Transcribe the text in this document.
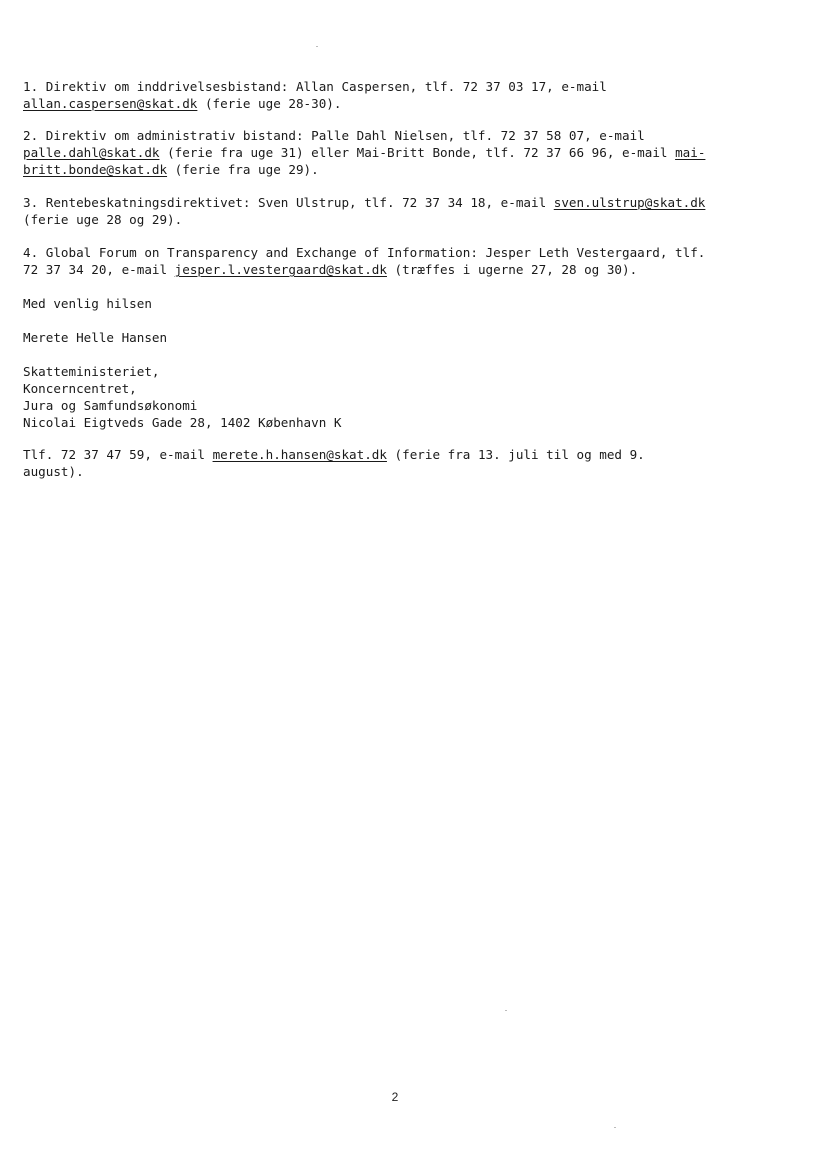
1. Direktiv om inddrivelsesbistand: Allan Caspersen, tlf. 72 37 03 17, e-mail
allan.caspersen@skat.dk (ferie uge 28-30).
2. Direktiv om administrativ bistand: Palle Dahl Nielsen, tlf. 72 37 58 07, e-mail
palle.dahl@skat.dk (ferie fra uge 31) eller Mai-Britt Bonde, tlf. 72 37 66 96, e-mail mai-
britt.bonde@skat.dk (ferie fra uge 29).
3. Rentebeskatningsdirektivet: Sven Ulstrup, tlf. 72 37 34 18, e-mail sven.ulstrup@skat.dk
(ferie uge 28 og 29).
4. Global Forum on Transparency and Exchange of Information: Jesper Leth Vestergaard, tlf.
72 37 34 20, e-mail jesper.l.vestergaard@skat.dk (træffes i ugerne 27, 28 og 30).
Med venlig hilsen
Merete Helle Hansen
Skatteministeriet,
Koncerncentret,
Jura og Samfundsøkonomi
Nicolai Eigtveds Gade 28, 1402 København K
Tlf. 72 37 47 59, e-mail merete.h.hansen@skat.dk (ferie fra 13. juli til og med 9.
august).
2
